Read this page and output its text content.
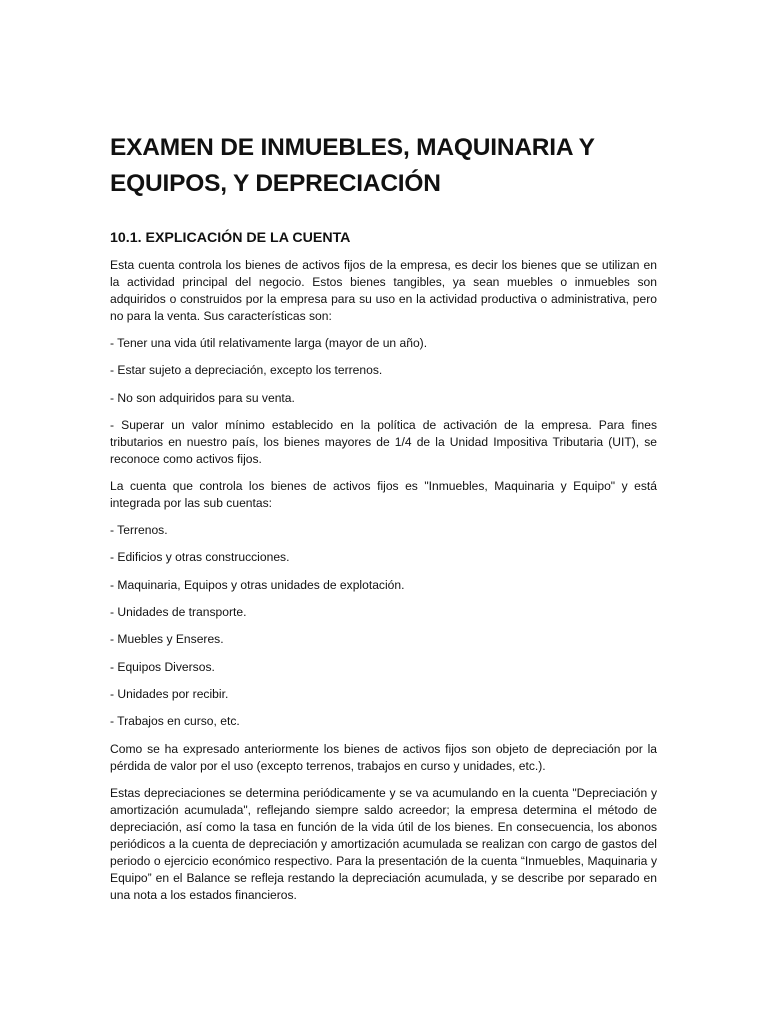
EXAMEN DE INMUEBLES, MAQUINARIA Y EQUIPOS, Y DEPRECIACIÓN
10.1. EXPLICACIÓN DE LA CUENTA

Esta cuenta controla los bienes de activos fijos de la empresa, es decir los bienes que se utilizan en la actividad principal del negocio. Estos bienes tangibles, ya sean muebles o inmuebles son adquiridos o construidos por la empresa para su uso en la actividad productiva o administrativa, pero no para la venta. Sus características son:

- Tener una vida útil relativamente larga (mayor de un año).

- Estar sujeto a depreciación, excepto los terrenos.

- No son adquiridos para su venta.

- Superar un valor mínimo establecido en la política de activación de la empresa. Para fines tributarios en nuestro país, los bienes mayores de 1/4 de la Unidad Impositiva Tributaria (UIT), se reconoce como activos fijos.

La cuenta que controla los bienes de activos fijos es "Inmuebles, Maquinaria y Equipo" y está integrada por las sub cuentas:

- Terrenos.

- Edificios y otras construcciones.

- Maquinaria, Equipos y otras unidades de explotación.

- Unidades de transporte.

- Muebles y Enseres.

- Equipos Diversos.

- Unidades por recibir.

- Trabajos en curso, etc.

Como se ha expresado anteriormente los bienes de activos fijos son objeto de depreciación por la pérdida de valor por el uso (excepto terrenos, trabajos en curso y unidades, etc.).

Estas depreciaciones se determina periódicamente y se va acumulando en la cuenta "Depreciación y amortización acumulada", reflejando siempre saldo acreedor; la empresa determina el método de depreciación, así como la tasa en función de la vida útil de los bienes. En consecuencia, los abonos periódicos a la cuenta de depreciación y amortización acumulada se realizan con cargo de gastos del periodo o ejercicio económico respectivo. Para la presentación de la cuenta “Inmuebles, Maquinaria y Equipo” en el Balance se refleja restando la depreciación acumulada, y se describe por separado en una nota a los estados financieros.
